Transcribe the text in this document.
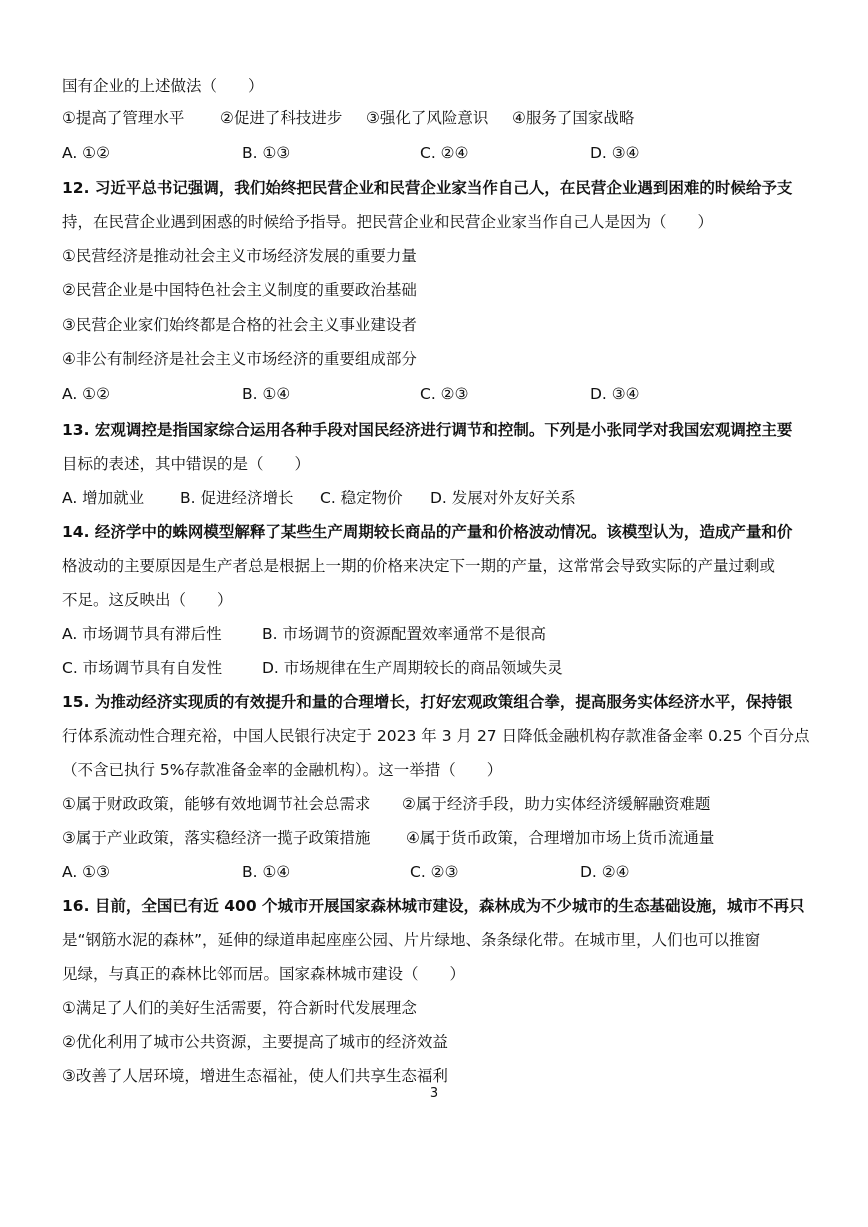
国有企业的上述做法（　　）
①提高了管理水平 ②促进了科技进步 ③强化了风险意识 ④服务了国家战略
A. ①②	B. ①③	C. ②④	D. ③④
12. 习近平总书记强调，我们始终把民营企业和民营企业家当作自己人，在民营企业遇到困难的时候给予支
持，在民营企业遇到困惑的时候给予指导。把民营企业和民营企业家当作自己人是因为（　　）
①民营经济是推动社会主义市场经济发展的重要力量
②民营企业是中国特色社会主义制度的重要政治基础
③民营企业家们始终都是合格的社会主义事业建设者
④非公有制经济是社会主义市场经济的重要组成部分
A. ①②	B. ①④	C. ②③	D. ③④
13. 宏观调控是指国家综合运用各种手段对国民经济进行调节和控制。下列是小张同学对我国宏观调控主要
目标的表述，其中错误的是（　　）
A. 增加就业 B. 促进经济增长 C. 稳定物价 D. 发展对外友好关系
14. 经济学中的蛛网模型解释了某些生产周期较长商品的产量和价格波动情况。该模型认为，造成产量和价
格波动的主要原因是生产者总是根据上一期的价格来决定下一期的产量，这常常会导致实际的产量过剩或
不足。这反映出（　　）
A. 市场调节具有滞后性	B. 市场调节的资源配置效率通常不是很高
C. 市场调节具有自发性	D. 市场规律在生产周期较长的商品领域失灵
15. 为推动经济实现质的有效提升和量的合理增长，打好宏观政策组合拳，提高服务实体经济水平，保持银
行体系流动性合理充裕，中国人民银行决定于 2023 年 3 月 27 日降低金融机构存款准备金率 0.25 个百分点
（不含已执行 5%存款准备金率的金融机构）。这一举措（　　）
①属于财政政策，能够有效地调节社会总需求 ②属于经济手段，助力实体经济缓解融资难题
③属于产业政策，落实稳经济一揽子政策措施 ④属于货币政策，合理增加市场上货币流通量
A. ①③	B. ①④	C. ②③	D. ②④
16. 目前，全国已有近 400 个城市开展国家森林城市建设，森林成为不少城市的生态基础设施，城市不再只
是“钢筋水泥的森林”，延伸的绿道串起座座公园、片片绿地、条条绿化带。在城市里，人们也可以推窗
见绿，与真正的森林比邻而居。国家森林城市建设（　　）
①满足了人们的美好生活需要，符合新时代发展理念
②优化利用了城市公共资源，主要提高了城市的经济效益
③改善了人居环境，增进生态福祉，使人们共享生态福利
3
